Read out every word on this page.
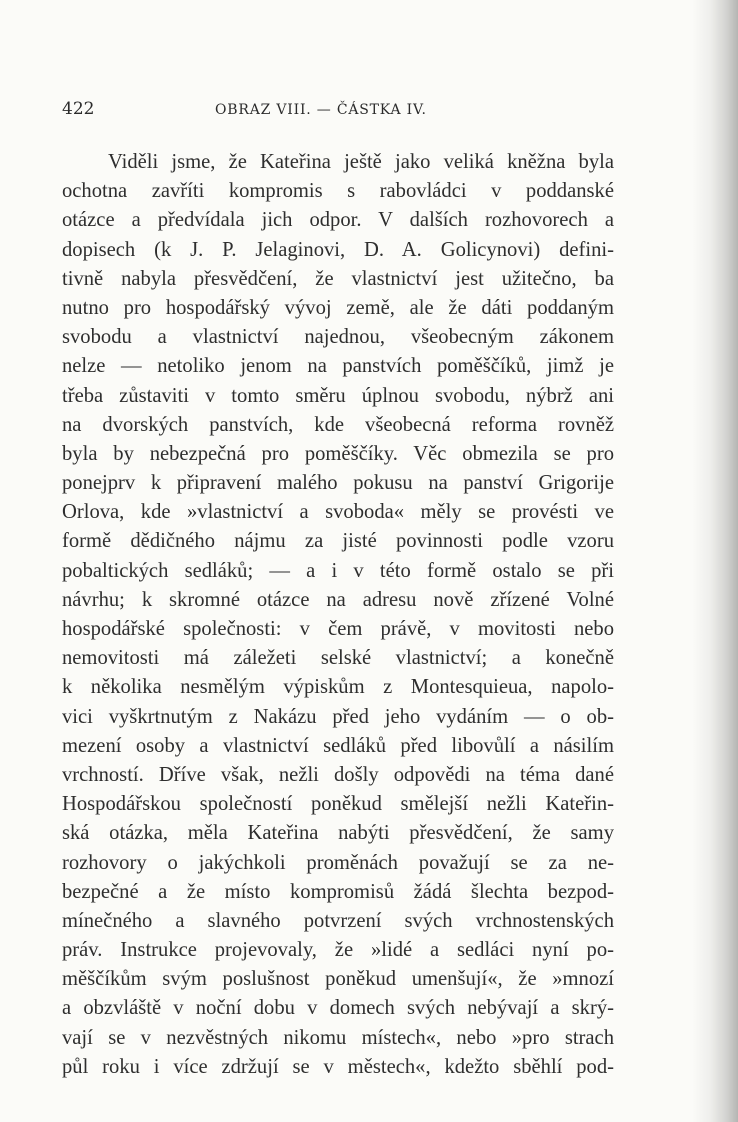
422	OBRAZ VIII. — ČÁSTKA IV.
Viděli jsme, že Kateřina ještě jako veliká kněžna byla
ochotna zavříti kompromis s rabovládci v poddanské
otázce a předvídala jich odpor. V dalších rozhovorech a
dopisech (k J. P. Jelaginovi, D. A. Golicynovi) defini-
tivně nabyla přesvědčení, že vlastnictví jest užitečno, ba
nutno pro hospodářský vývoj země, ale že dáti poddaným
svobodu a vlastnictví najednou, všeobecným zákonem
nelze — netoliko jenom na panstvích poměščíků, jimž je
třeba zůstaviti v tomto směru úplnou svobodu, nýbrž ani
na dvorských panstvích, kde všeobecná reforma rovněž
byla by nebezpečná pro poměščíky. Věc obmezila se pro
ponejprv k připravení malého pokusu na panství Grigorije
Orlova, kde »vlastnictví a svoboda« měly se provésti ve
formě dědičného nájmu za jisté povinnosti podle vzoru
pobaltických sedláků; — a i v této formě ostalo se při
návrhu; k skromné otázce na adresu nově zřízené Volné
hospodářské společnosti: v čem právě, v movitosti nebo
nemovitosti má záležeti selské vlastnictví; a konečně
k několika nesmělým výpiskům z Montesquieua, napolo-
vici vyškrtnutým z Nakázu před jeho vydáním — o ob-
mezení osoby a vlastnictví sedláků před libovůlí a násilím
vrchností. Dříve však, nežli došly odpovědi na téma dané
Hospodářskou společností poněkud smělejší nežli Kateřin-
ská otázka, měla Kateřina nabýti přesvědčení, že samy
rozhovory o jakýchkoli proměnách považují se za ne-
bezpečné a že místo kompromisů žádá šlechta bezpod-
mínečného a slavného potvrzení svých vrchnostenských
práv. Instrukce projevovaly, že »lidé a sedláci nyní po-
měščíkům svým poslušnost poněkud umenšují«, že »mnozí
a obzvláště v noční dobu v domech svých nebývají a skrý-
vají se v nezvěstných nikomu místech«, nebo »pro strach
půl roku i více zdržují se v městech«, kdežto sběhlí pod-
